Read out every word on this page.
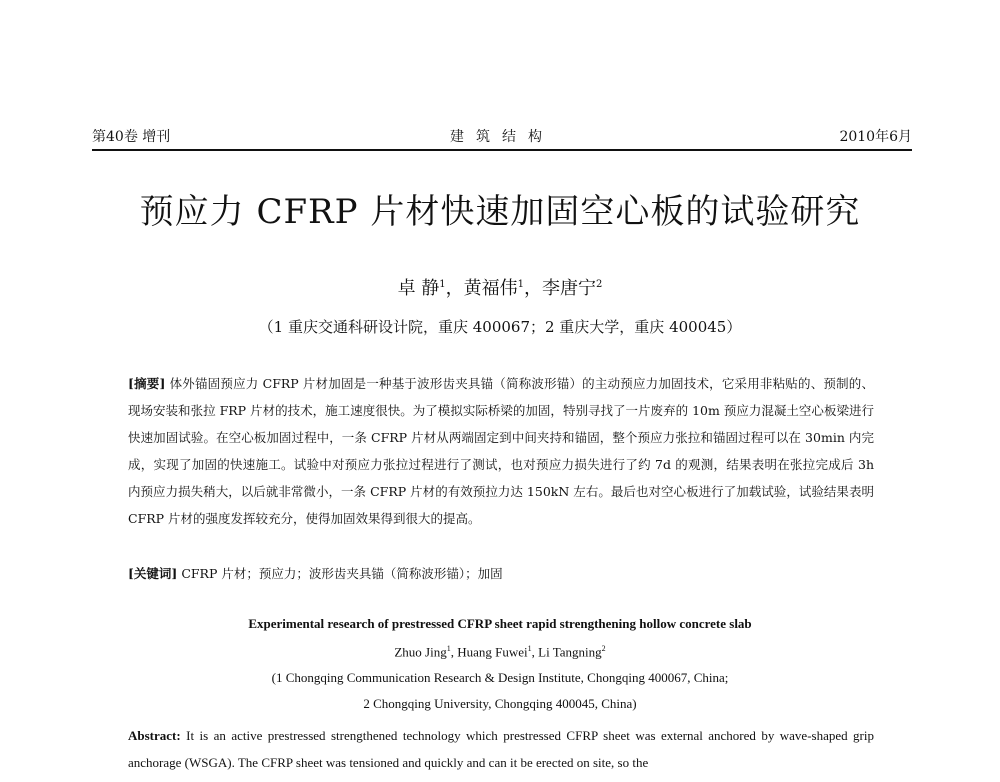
第40卷 增刊	建筑结构	2010年6月
预应力 CFRP 片材快速加固空心板的试验研究
卓 静$^1$，黄福伟$^1$，李唐宁$^2$
（1 重庆交通科研设计院，重庆 400067；2 重庆大学，重庆 400045）
[摘要] 体外锚固预应力 CFRP 片材加固是一种基于波形齿夹具锚（简称波形锚）的主动预应力加固技术，它采用非粘贴的、预制的、现场安装和张拉 FRP 片材的技术，施工速度很快。为了模拟实际桥梁的加固，特别寻找了一片废弃的 10m 预应力混凝土空心板梁进行快速加固试验。在空心板加固过程中，一条 CFRP 片材从两端固定到中间夹持和锚固，整个预应力张拉和锚固过程可以在 30min 内完成，实现了加固的快速施工。试验中对预应力张拉过程进行了测试，也对预应力损失进行了约 7d 的观测，结果表明在张拉完成后 3h 内预应力损失稍大，以后就非常微小，一条 CFRP 片材的有效预拉力达 150kN 左右。最后也对空心板进行了加载试验，试验结果表明 CFRP 片材的强度发挥较充分，使得加固效果得到很大的提高。
[关键词] CFRP 片材；预应力；波形齿夹具锚（简称波形锚）；加固
Experimental research of prestressed CFRP sheet rapid strengthening hollow concrete slab
Zhuo Jing$^1$, Huang Fuwei$^1$, Li Tangning$^2$
(1 Chongqing Communication Research & Design Institute, Chongqing 400067, China;
2 Chongqing University, Chongqing 400045, China)
Abstract: It is an active prestressed strengthened technology which prestressed CFRP sheet was external anchored by wave-shaped grip anchorage (WSGA). The CFRP sheet was tensioned and quickly and can it be erected on site, so the
